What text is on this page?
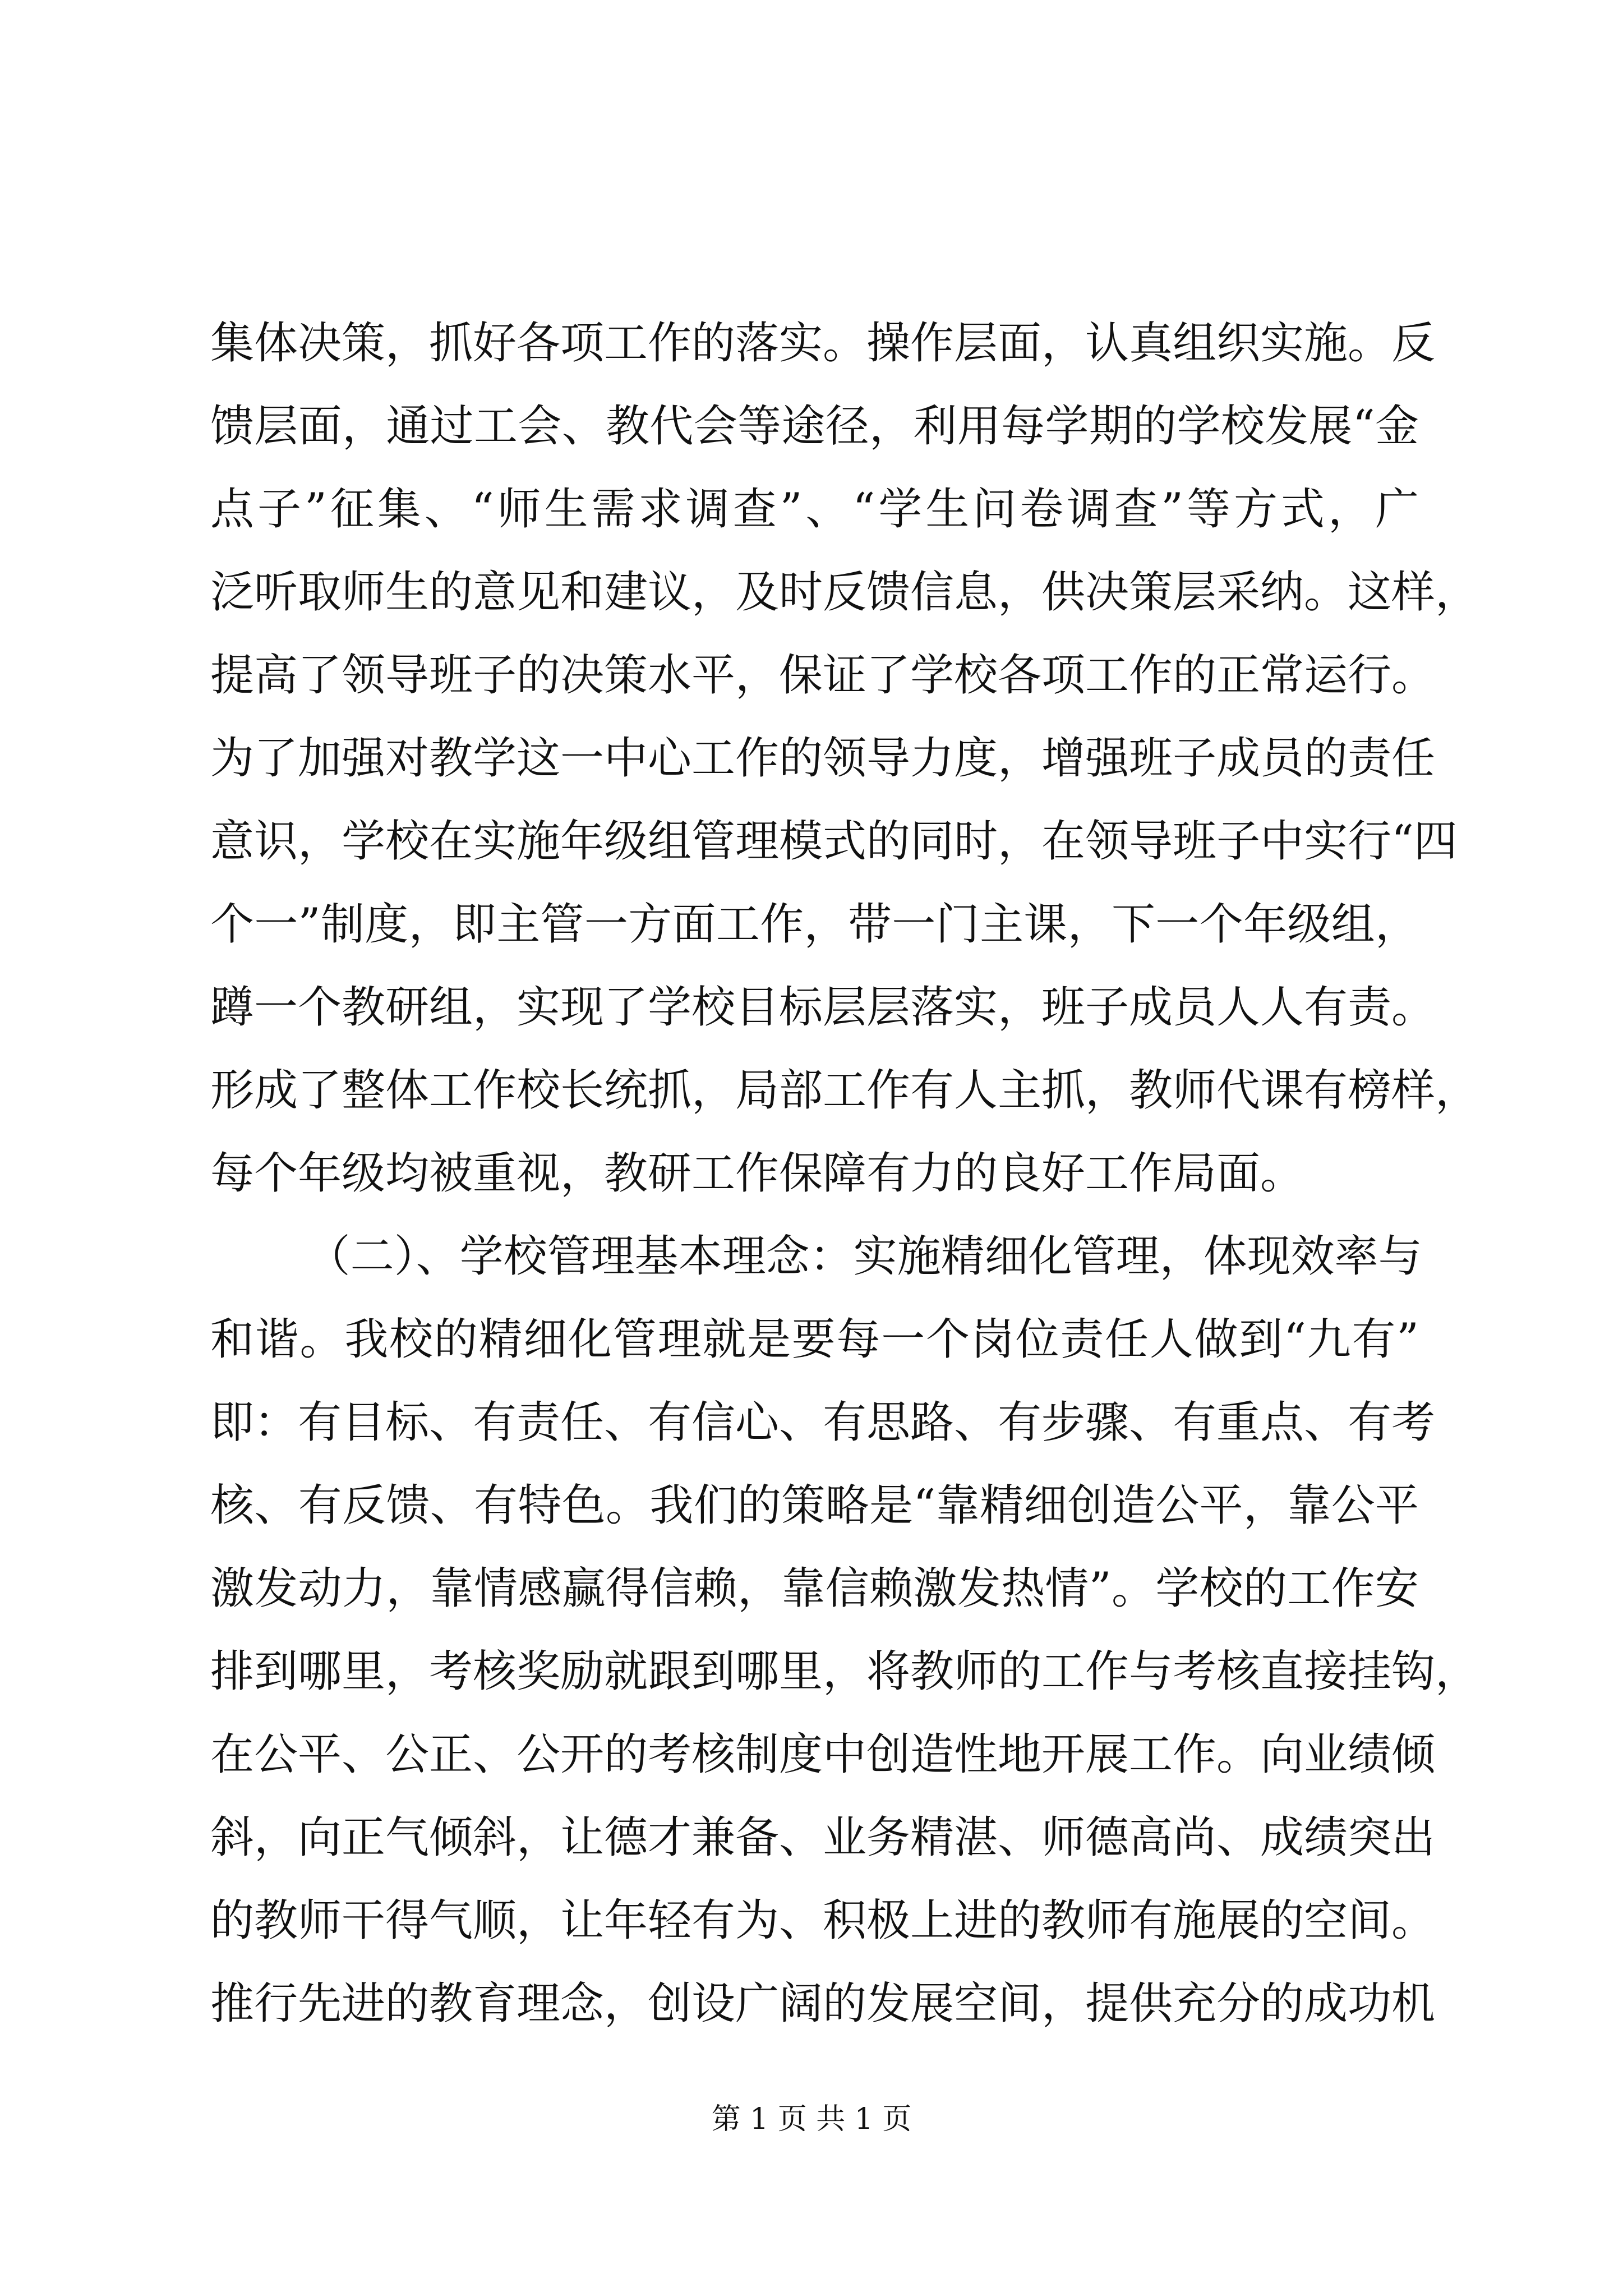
集体决策，抓好各项工作的落实。操作层面，认真组织实施。反
馈层面，通过工会、教代会等途径，利用每学期的学校发展“金
点子”征集、“师生需求调查”、“学生问卷调查”等方式，广
泛听取师生的意见和建议，及时反馈信息，供决策层采纳。这样，
提高了领导班子的决策水平，保证了学校各项工作的正常运行。
为了加强对教学这一中心工作的领导力度，增强班子成员的责任
意识，学校在实施年级组管理模式的同时，在领导班子中实行“四
个一”制度，即主管一方面工作，带一门主课，下一个年级组，
蹲一个教研组，实现了学校目标层层落实，班子成员人人有责。
形成了整体工作校长统抓，局部工作有人主抓，教师代课有榜样，
每个年级均被重视，教研工作保障有力的良好工作局面。

（二）、学校管理基本理念：实施精细化管理，体现效率与
和谐。我校的精细化管理就是要每一个岗位责任人做到“九有”
即：有目标、有责任、有信心、有思路、有步骤、有重点、有考
核、有反馈、有特色。我们的策略是“靠精细创造公平，靠公平
激发动力，靠情感赢得信赖，靠信赖激发热情”。学校的工作安
排到哪里，考核奖励就跟到哪里，将教师的工作与考核直接挂钩，
在公平、公正、公开的考核制度中创造性地开展工作。向业绩倾
斜，向正气倾斜，让德才兼备、业务精湛、师德高尚、成绩突出
的教师干得气顺，让年轻有为、积极上进的教师有施展的空间。
推行先进的教育理念，创设广阔的发展空间，提供充分的成功机

第 1 页 共 1 页
